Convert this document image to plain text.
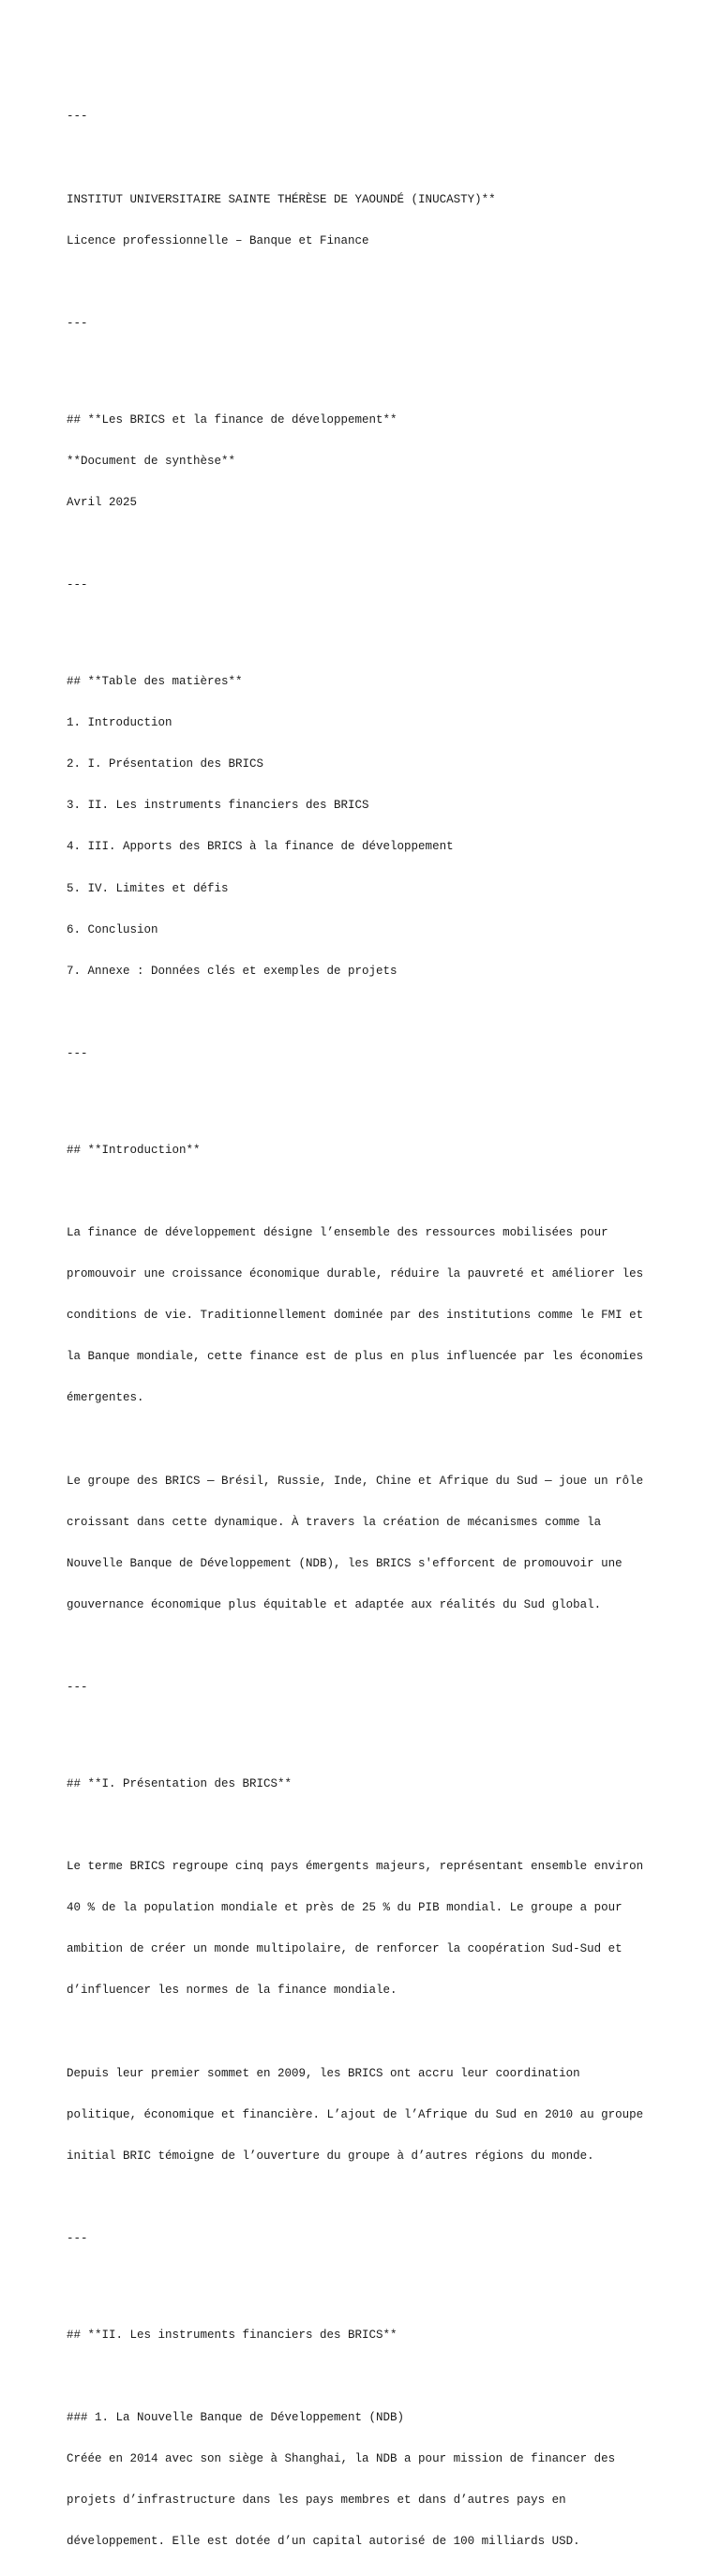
---

INSTITUT UNIVERSITAIRE SAINTE THÉRÈSE DE YAOUNDÉ (INUCASTY)**

Licence professionnelle – Banque et Finance

---

## **Les BRICS et la finance de développement**

**Document de synthèse**

Avril 2025

---

## **Table des matières**

1. Introduction

2. I. Présentation des BRICS

3. II. Les instruments financiers des BRICS

4. III. Apports des BRICS à la finance de développement

5. IV. Limites et défis

6. Conclusion

7. Annexe : Données clés et exemples de projets

---

## **Introduction**

La finance de développement désigne l’ensemble des ressources mobilisées pour

promouvoir une croissance économique durable, réduire la pauvreté et améliorer les

conditions de vie. Traditionnellement dominée par des institutions comme le FMI et

la Banque mondiale, cette finance est de plus en plus influencée par les économies

émergentes.

Le groupe des BRICS — Brésil, Russie, Inde, Chine et Afrique du Sud — joue un rôle

croissant dans cette dynamique. À travers la création de mécanismes comme la

Nouvelle Banque de Développement (NDB), les BRICS s'efforcent de promouvoir une

gouvernance économique plus équitable et adaptée aux réalités du Sud global.

---

## **I. Présentation des BRICS**

Le terme BRICS regroupe cinq pays émergents majeurs, représentant ensemble environ

40 % de la population mondiale et près de 25 % du PIB mondial. Le groupe a pour

ambition de créer un monde multipolaire, de renforcer la coopération Sud-Sud et

d’influencer les normes de la finance mondiale.

Depuis leur premier sommet en 2009, les BRICS ont accru leur coordination

politique, économique et financière. L’ajout de l’Afrique du Sud en 2010 au groupe

initial BRIC témoigne de l’ouverture du groupe à d’autres régions du monde.

---

## **II. Les instruments financiers des BRICS**

### 1. La Nouvelle Banque de Développement (NDB)

Créée en 2014 avec son siège à Shanghai, la NDB a pour mission de financer des

projets d’infrastructure dans les pays membres et dans d’autres pays en

développement. Elle est dotée d’un capital autorisé de 100 milliards USD.
